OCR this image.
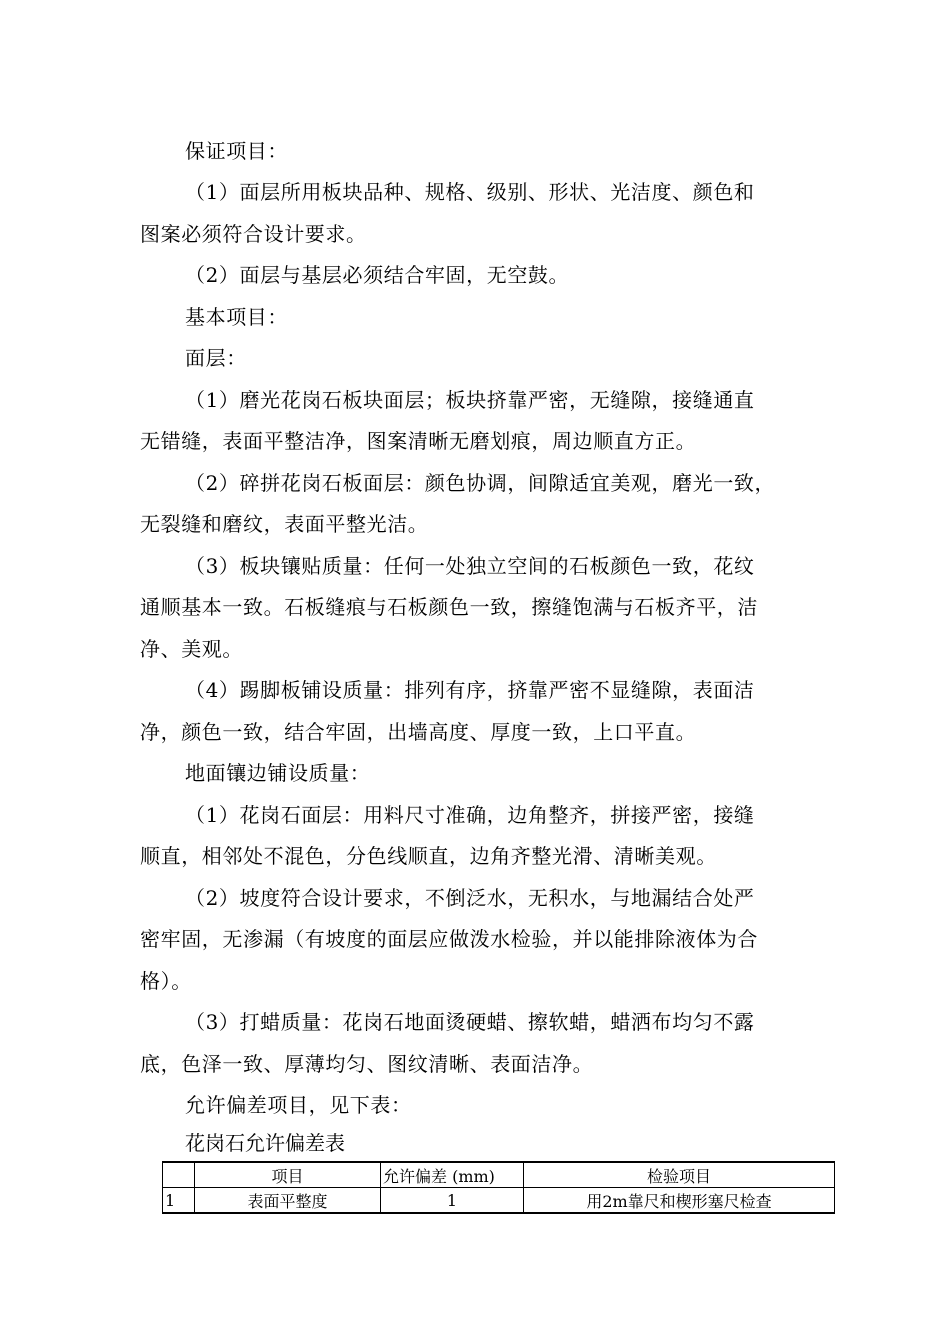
保证项目：
（1）面层所用板块品种、规格、级别、形状、光洁度、颜色和
图案必须符合设计要求。
（2）面层与基层必须结合牢固，无空鼓。
基本项目：
面层：
（1）磨光花岗石板块面层；板块挤靠严密，无缝隙，接缝通直
无错缝，表面平整洁净，图案清晰无磨划痕，周边顺直方正。
（2）碎拼花岗石板面层：颜色协调，间隙适宜美观，磨光一致，
无裂缝和磨纹，表面平整光洁。
（3）板块镶贴质量：任何一处独立空间的石板颜色一致，花纹
通顺基本一致。石板缝痕与石板颜色一致，擦缝饱满与石板齐平，洁
净、美观。
（4）踢脚板铺设质量：排列有序，挤靠严密不显缝隙，表面洁
净，颜色一致，结合牢固，出墙高度、厚度一致，上口平直。
地面镶边铺设质量：
（1）花岗石面层：用料尺寸准确，边角整齐，拼接严密，接缝
顺直，相邻处不混色，分色线顺直，边角齐整光滑、清晰美观。
（2）坡度符合设计要求，不倒泛水，无积水，与地漏结合处严
密牢固，无渗漏（有坡度的面层应做泼水检验，并以能排除液体为合
格）。
（3）打蜡质量：花岗石地面烫硬蜡、擦软蜡，蜡洒布均匀不露
底，色泽一致、厚薄均匀、图纹清晰、表面洁净。
允许偏差项目，见下表：
花岗石允许偏差表
	项目	允许偏差 (mm)	检验项目
1	表面平整度	1	用2m靠尺和楔形塞尺检查
